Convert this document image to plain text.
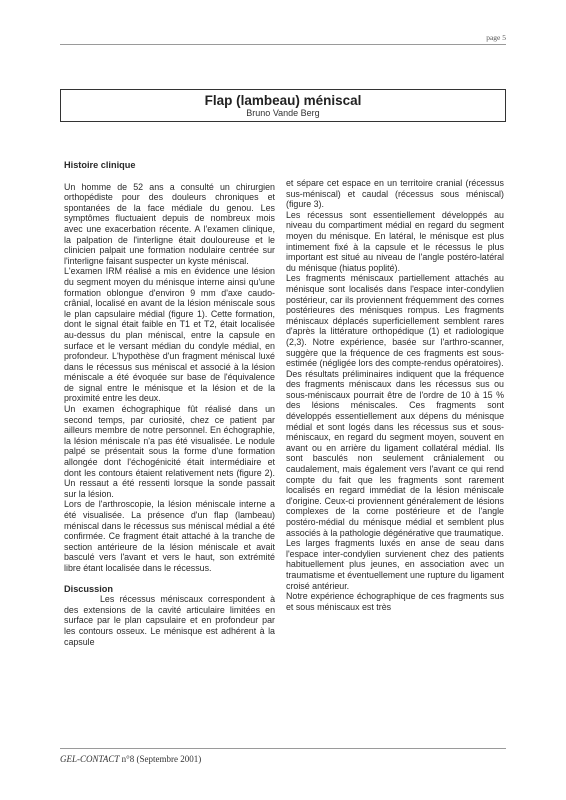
page 5
Flap (lambeau) méniscal
Bruno Vande Berg

Histoire clinique

Un homme de 52 ans a consulté un chirurgien orthopédiste pour des douleurs chroniques et spontanées de la face médiale du genou. Les symptômes fluctuaient depuis de nombreux mois avec une exacerbation récente. A l'examen clinique, la palpation de l'interligne était douloureuse et le clinicien palpait une formation nodulaire centrée sur l'interligne faisant suspecter un kyste méniscal.

L'examen IRM réalisé a mis en évidence une lésion du segment moyen du ménisque interne ainsi qu'une formation oblongue d'environ 9 mm d'axe caudo-crânial, localisé en avant de la lésion méniscale sous le plan capsulaire médial (figure 1). Cette formation, dont le signal était faible en T1 et T2, était localisée au-dessus du plan méniscal, entre la capsule en surface et le versant médian du condyle médial, en profondeur. L'hypothèse d'un fragment méniscal luxé dans le récessus sus méniscal et associé à la lésion méniscale a été évoquée sur base de l'équivalence de signal entre le ménisque et la lésion et de la proximité entre les deux.

Un examen échographique fût réalisé dans un second temps, par curiosité, chez ce patient par ailleurs membre de notre personnel. En échographie, la lésion méniscale n'a pas été visualisée. Le nodule palpé se présentait sous la forme d'une formation allongée dont l'échogénicité était intermédiaire et dont les contours étaient relativement nets (figure 2). Un ressaut a été ressenti lorsque la sonde passait sur la lésion.

Lors de l'arthroscopie, la lésion méniscale interne a été visualisée. La présence d'un flap (lambeau) méniscal dans le récessus sus méniscal médial a été confirmée. Ce fragment était attaché à la tranche de section antérieure de la lésion méniscale et avait basculé vers l'avant et vers le haut, son extrémité libre étant localisée dans le récessus.

Discussion

Les récessus méniscaux correspondent à des extensions de la cavité articulaire limitées en surface par le plan capsulaire et en profondeur par les contours osseux. Le ménisque est adhérent à la capsule

et sépare cet espace en un territoire cranial (récessus sus-méniscal) et caudal (récessus sous méniscal) (figure 3).

Les récessus sont essentiellement développés au niveau du compartiment médial en regard du segment moyen du ménisque. En latéral, le ménisque est plus intimement fixé à la capsule et le récessus le plus important est situé au niveau de l'angle postéro-latéral du ménisque (hiatus poplité).

Les fragments méniscaux partiellement attachés au ménisque sont localisés dans l'espace inter-condylien postérieur, car ils proviennent fréquemment des cornes postérieures des ménisques rompus. Les fragments méniscaux déplacés superficiellement semblent rares d'après la littérature orthopédique (1) et radiologique (2,3). Notre expérience, basée sur l'arthro-scanner, suggère que la fréquence de ces fragments est sous-estimée (négligée lors des compte-rendus opératoires).

Des résultats préliminaires indiquent que la fréquence des fragments méniscaux dans les récessus sus ou sous-méniscaux pourrait être de l'ordre de 10 à 15 % des lésions méniscales. Ces fragments sont développés essentiellement aux dépens du ménisque médial et sont logés dans les récessus sus et sous-méniscaux, en regard du segment moyen, souvent en avant ou en arrière du ligament collatéral médial. Ils sont basculés non seulement crânialement ou caudalement, mais également vers l'avant ce qui rend compte du fait que les fragments sont rarement localisés en regard immédiat de la lésion méniscale d'origine. Ceux-ci proviennent généralement de lésions complexes de la corne postérieure et de l'angle postéro-médial du ménisque médial et semblent plus associés à la pathologie dégénérative que traumatique.

Les larges fragments luxés en anse de seau dans l'espace inter-condylien survienent chez des patients habituellement plus jeunes, en association avec un traumatisme et éventuellement une rupture du ligament croisé antérieur.

Notre expérience échographique de ces fragments sus et sous méniscaux est très

GEL-CONTACT n°8 (Septembre 2001)
